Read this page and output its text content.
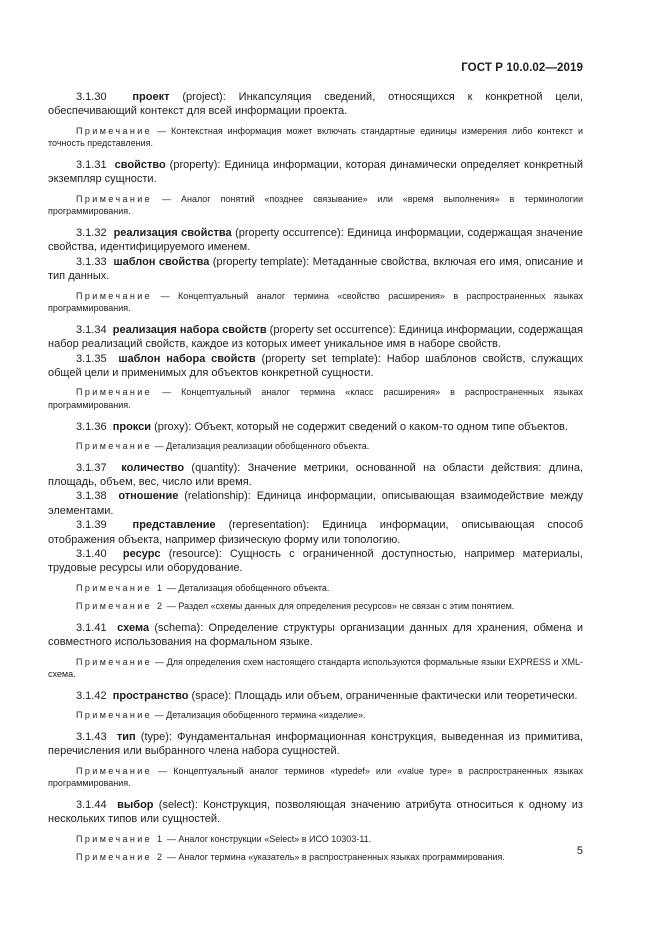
ГОСТ Р 10.0.02—2019

3.1.30 проект (project): Инкапсуляция сведений, относящихся к конкретной цели, обеспечивающий контекст для всей информации проекта.

Примечание — Контекстная информация может включать стандартные единицы измерения либо контекст и точность представления.

3.1.31 свойство (property): Единица информации, которая динамически определяет конкретный экземпляр сущности.

Примечание — Аналог понятий «позднее связывание» или «время выполнения» в терминологии программирования.

3.1.32 реализация свойства (property occurrence): Единица информации, содержащая значение свойства, идентифицируемого именем.

3.1.33 шаблон свойства (property template): Метаданные свойства, включая его имя, описание и тип данных.

Примечание — Концептуальный аналог термина «свойство расширения» в распространенных языках программирования.

3.1.34 реализация набора свойств (property set occurrence): Единица информации, содержащая набор реализаций свойств, каждое из которых имеет уникальное имя в наборе свойств.

3.1.35 шаблон набора свойств (property set template): Набор шаблонов свойств, служащих общей цели и применимых для объектов конкретной сущности.

Примечание — Концептуальный аналог термина «класс расширения» в распространенных языках программирования.

3.1.36 прокси (proxy): Объект, который не содержит сведений о каком-то одном типе объектов.

Примечание — Детализация реализации обобщенного объекта.

3.1.37 количество (quantity): Значение метрики, основанной на области действия: длина, площадь, объем, вес, число или время.

3.1.38 отношение (relationship): Единица информации, описывающая взаимодействие между элементами.

3.1.39 представление (representation): Единица информации, описывающая способ отображения объекта, например физическую форму или топологию.

3.1.40 ресурс (resource): Сущность с ограниченной доступностью, например материалы, трудовые ресурсы или оборудование.

Примечание 1 — Детализация обобщенного объекта.

Примечание 2 — Раздел «схемы данных для определения ресурсов» не связан с этим понятием.

3.1.41 схема (schema): Определение структуры организации данных для хранения, обмена и совместного использования на формальном языке.

Примечание — Для определения схем настоящего стандарта используются формальные языки EXPRESS и XML-схема.

3.1.42 пространство (space): Площадь или объем, ограниченные фактически или теоретически.

Примечание — Детализация обобщенного термина «изделие».

3.1.43 тип (type): Фундаментальная информационная конструкция, выведенная из примитива, перечисления или выбранного члена набора сущностей.

Примечание — Концептуальный аналог терминов «typedef» или «value type» в распространенных языках программирования.

3.1.44 выбор (select): Конструкция, позволяющая значению атрибута относиться к одному из нескольких типов или сущностей.

Примечание 1 — Аналог конструкции «Select» в ИСО 10303-11.

Примечание 2 — Аналог термина «указатель» в распространенных языках программирования.

5
